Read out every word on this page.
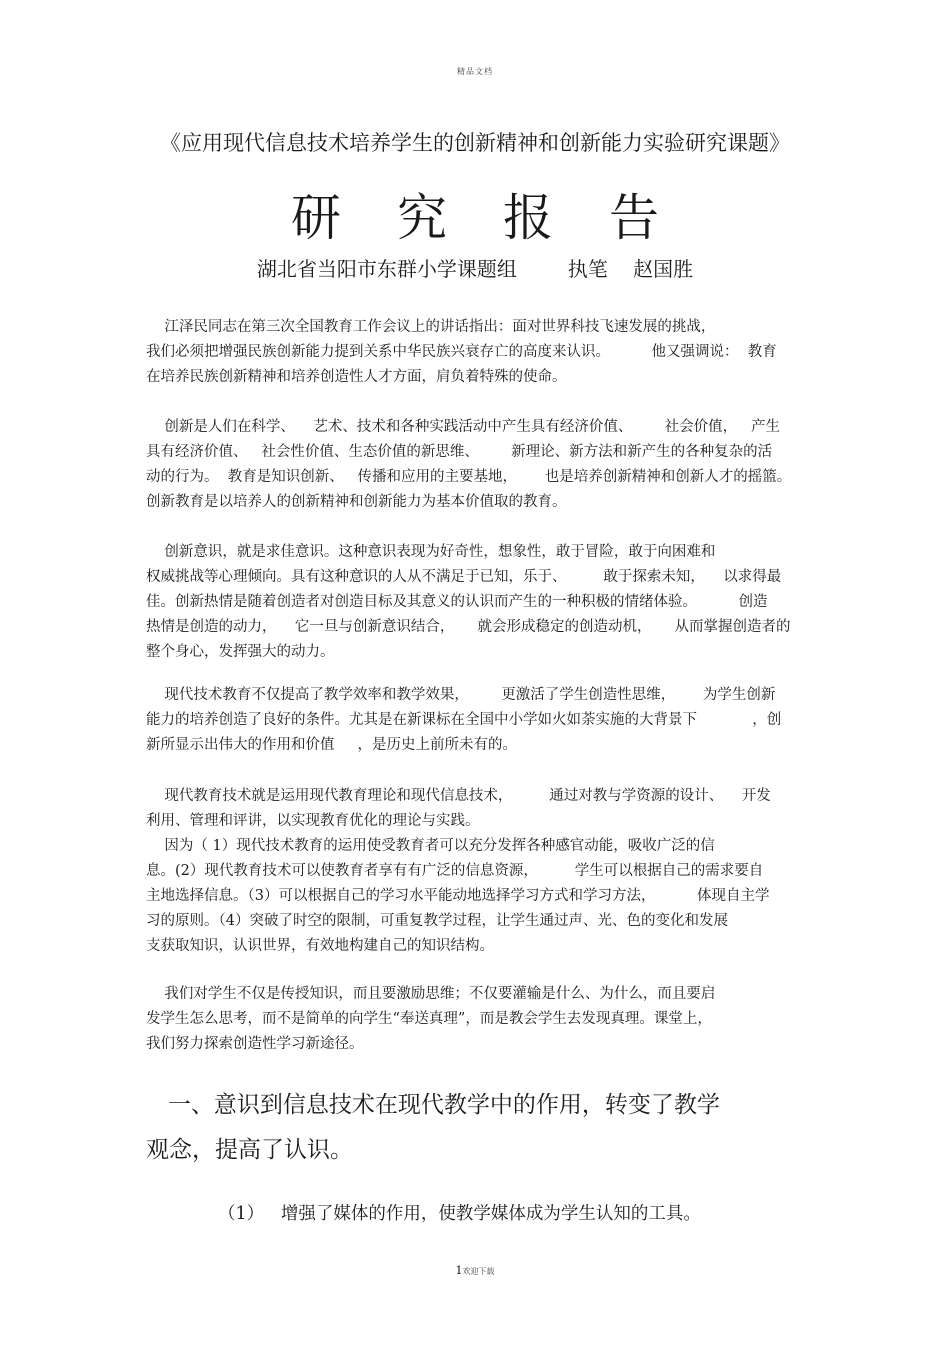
精品文档
《应用现代信息技术培养学生的创新精神和创新能力实验研究课题》
研究报告
湖北省当阳市东群小学课题组        执笔    赵国胜
江泽民同志在第三次全国教育工作会议上的讲话指出：面对世界科技飞速发展的挑战，
我们必须把增强民族创新能力提到关系中华民族兴衰存亡的高度来认识。         他又强调说：  教育
在培养民族创新精神和培养创造性人才方面，肩负着特殊的使命。
创新是人们在科学、    艺术、技术和各种实践活动中产生具有经济价值、       社会价值，   产生
具有经济价值、   社会性价值、生态价值的新思维、       新理论、新方法和新产生的各种复杂的活
动的行为。  教育是知识创新、   传播和应用的主要基地，      也是培养创新精神和创新人才的摇篮。
创新教育是以培养人的创新精神和创新能力为基本价值取的教育。
创新意识，就是求佳意识。这种意识表现为好奇性，想象性，敢于冒险，敢于向困难和
权威挑战等心理倾向。具有这种意识的人从不满足于已知，乐于、        敢于探索未知，    以求得最
佳。创新热情是随着创造者对创造目标及其意义的认识而产生的一种积极的情绪体验。         创造
热情是创造的动力，    它一旦与创新意识结合，     就会形成稳定的创造动机，     从而掌握创造者的
整个身心，发挥强大的动力。
现代技术教育不仅提高了教学效率和教学效果，       更激活了学生创造性思维，      为学生创新
能力的培养创造了良好的条件。尤其是在新课标在全国中小学如火如荼实施的大背景下            ，创
新所显示出伟大的作用和价值     ，是历史上前所未有的。
现代教育技术就是运用现代教育理论和现代信息技术，        通过对教与学资源的设计、    开发
利用、管理和评讲，以实现教育优化的理论与实践。
因为（ 1）现代技术教育的运用使受教育者可以充分发挥各种感官动能，吸收广泛的信
息。(2）现代教育技术可以使教育者享有有广泛的信息资源，        学生可以根据自己的需求要自
主地选择信息。（3）可以根据自己的学习水平能动地选择学习方式和学习方法，         体现自主学
习的原则。（4）突破了时空的限制，可重复教学过程，让学生通过声、光、色的变化和发展
支获取知识，认识世界，有效地构建自己的知识结构。
我们对学生不仅是传授知识，而且要激励思维；不仅要灌输是什么、为什么，而且要启
发学生怎么思考，而不是简单的向学生“奉送真理”，而是教会学生去发现真理。课堂上，
我们努力探索创造性学习新途径。
一、意识到信息技术在现代教学中的作用，转变了教学
观念，提高了认识。
（1）   增强了媒体的作用，使教学媒体成为学生认知的工具。
1欢迎下载
